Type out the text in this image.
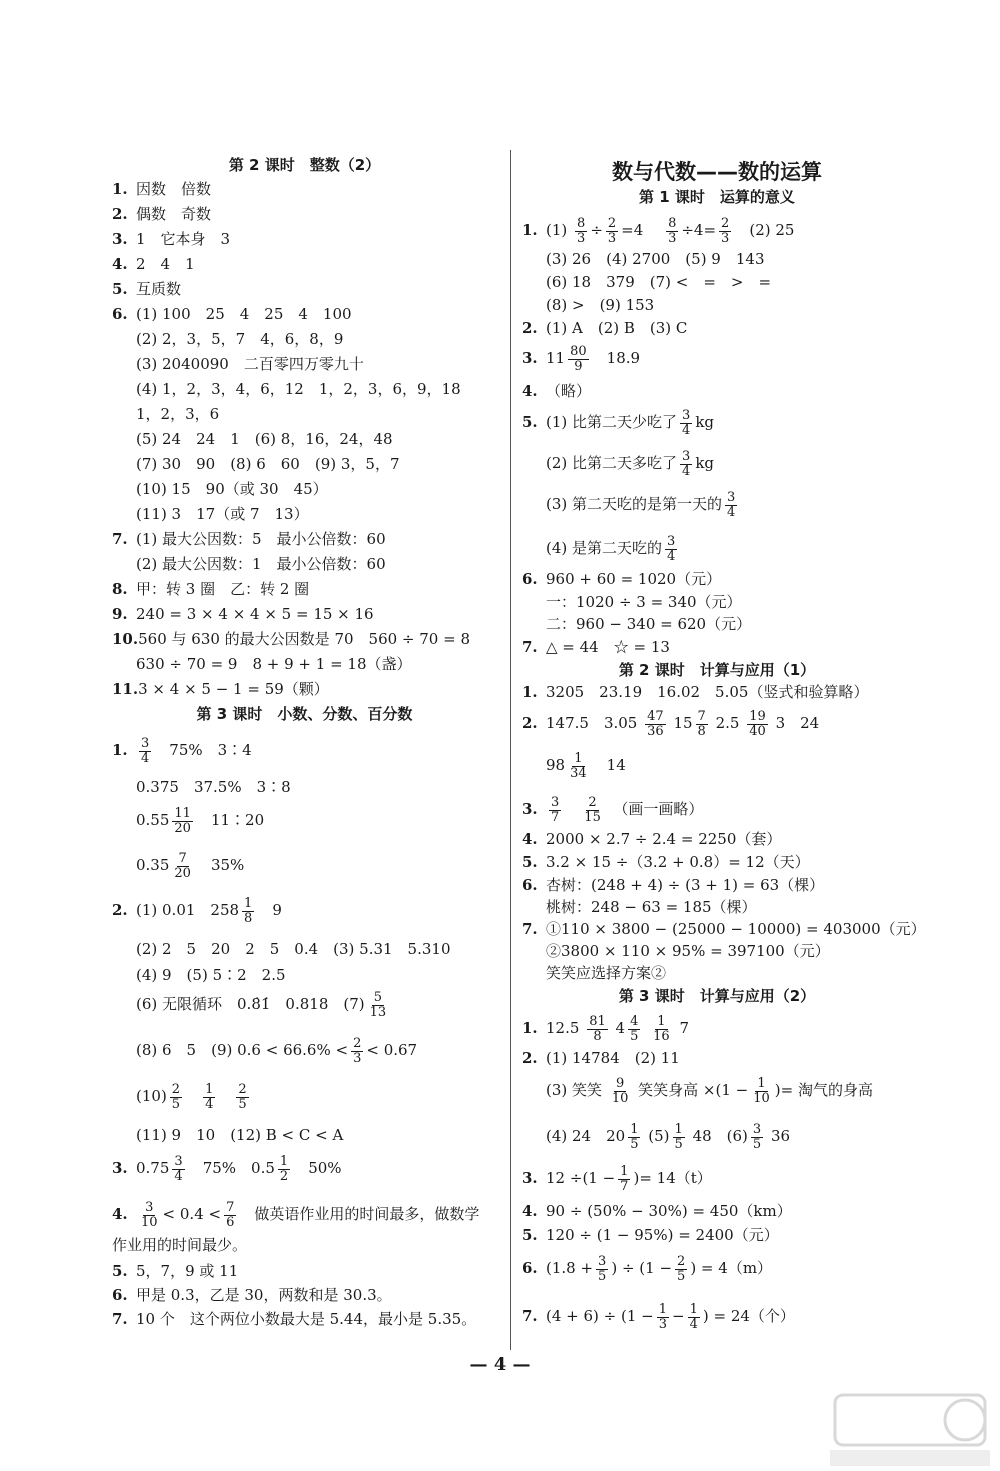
第 2 课时　整数（2）
1. 因数　倍数
2. 偶数　奇数
3. 1　它本身　3
4. 2　4　1
5. 互质数
6. (1) 100　25　4　25　4　100
(2) 2，3，5，7　4，6，8，9
(3) 2040090　二百零四万零九十
(4) 1，2，3，4，6，12　1，2，3，6，9，18
1，2，3，6
(5) 24　24　1　(6) 8，16，24，48
(7) 30　90　(8) 6　60　(9) 3，5，7
(10) 15　90（或 30　45）
(11) 3　17（或 7　13）
7. (1) 最大公因数：5　最小公倍数：60
(2) 最大公因数：1　最小公倍数：60
8. 甲：转 3 圈　乙：转 2 圈
9. 240 = 3 × 4 × 4 × 5 = 15 × 16
10.560 与 630 的最大公因数是 70　560 ÷ 70 = 8
630 ÷ 70 = 9　8 + 9 + 1 = 18（盏）
11.3 × 4 × 5 − 1 = 59（颗）
第 3 课时　小数、分数、百分数
1. $\frac{3}{4}$
　 75%　3∶4
0.375　37.5%　3∶8
$0.55 \frac{11}{20}$
　 11∶20
$0.35 \frac{7}{20}$
　 35%
2. (1) 0.01　$258 \frac{1}{8}$
　 9
(2) 2　5　20　2　5　0.4　(3) 5.31　5.310
(4) 9　(5) 5∶2　2.5
(6) 无限循环　0.8̇1̇　0.818　$(7) \frac{5}{13}$
(8) 6　5　(9) $0.6 < 66.6\% < \frac{2}{3} < 0.67$
$(10) \frac{2}{5}$
　 $\frac{1}{4}$
　 $\frac{2}{5}$
(11) 9　10　(12) B < C < A
3. $0.75 \frac{3}{4}$
　 75%　$0.5 \frac{1}{2}$
　 50%
4. $\frac{3}{10} < 0.4 < \frac{7}{6}$
　 做英语作业用的时间最多，做数学
作业用的时间最少。
5. 5，7，9 或 11
6. 甲是 0.3，乙是 30，两数和是 30.3。
7. 10 个　这个两位小数最大是 5.44，最小是 5.35。
数与代数——数的运算
第 1 课时　运算的意义
1. $(1) \frac{8}{3} \div \frac{2}{3} =4$ 　 $\frac{8}{3} \div 4= \frac{2}{3}$
　 (2) 25
(3) 26　(4) 2700　(5) 9　143
(6) 18　379　(7) <　=　>　=
(8) >　(9) 153
2. (1) A　(2) B　(3) C
3. $11 \frac{80}{9}$
　 18.9
4. （略）
5. (1) 比第二天少吃了 $\frac{3}{4}$ kg
(2) 比第二天多吃了 $\frac{3}{4}$ kg
(3) 第二天吃的是第一天的 $\frac{3}{4}$
(4) 是第二天吃的 $\frac{3}{4}$
6. 960 + 60 = 1020（元）
一：1020 ÷ 3 = 340（元）
二：960 − 340 = 620（元）
7. △ = 44　☆ = 13
第 2 课时　计算与应用（1）
1. 3205　23.19　16.02　5.05（竖式和验算略）
2. 147.5　$3.05 \frac{47}{36} 15 \frac{7}{8} 2.5 \frac{19}{40} 3$　24
$98 \frac{1}{34}$
　 14
3. $\frac{3}{7}$
　 $\frac{2}{15}$
　 （画一画略）
4. 2000 × 2.7 ÷ 2.4 = 2250（套）
5. 3.2 × 15 ÷（3.2 + 0.8）= 12（天）
6. 杏树：(248 + 4) ÷ (3 + 1) = 63（棵）
桃树：248 − 63 = 185（棵）
7. ①110 × 3800 − (25000 − 10000) = 403000（元）
②3800 × 110 × 95% = 397100（元）
笑笑应选择方案②
第 3 课时　计算与应用（2）
1. $12.5 \frac{81}{8} 4 \frac{4}{5}$
$\frac{1}{16} 7$
2. (1) 14784　(2) 11
(3) 笑笑 $\frac{9}{10}$ 笑笑身高 $\times(1 - \frac{1}{10}$ )= 淘气的身高
(4) 24　$20 \frac{1}{5} (5) \frac{1}{5} 48$　$(6) \frac{3}{5} 36$
3. $12 \div(1 - \frac{1}{7}$ )= 14（t）
4. 90 ÷ (50% − 30%) = 450（km）
5. 120 ÷ (1 − 95%) = 2400（元）
6. ($1.8 + \frac{3}{5}$ ) ÷ ($1 - \frac{2}{5}$ ) = 4（m）
7. $(4 + 6) \div (1 - \frac{1}{3} - \frac{1}{4}$ ) = 24（个）
— 4 —
